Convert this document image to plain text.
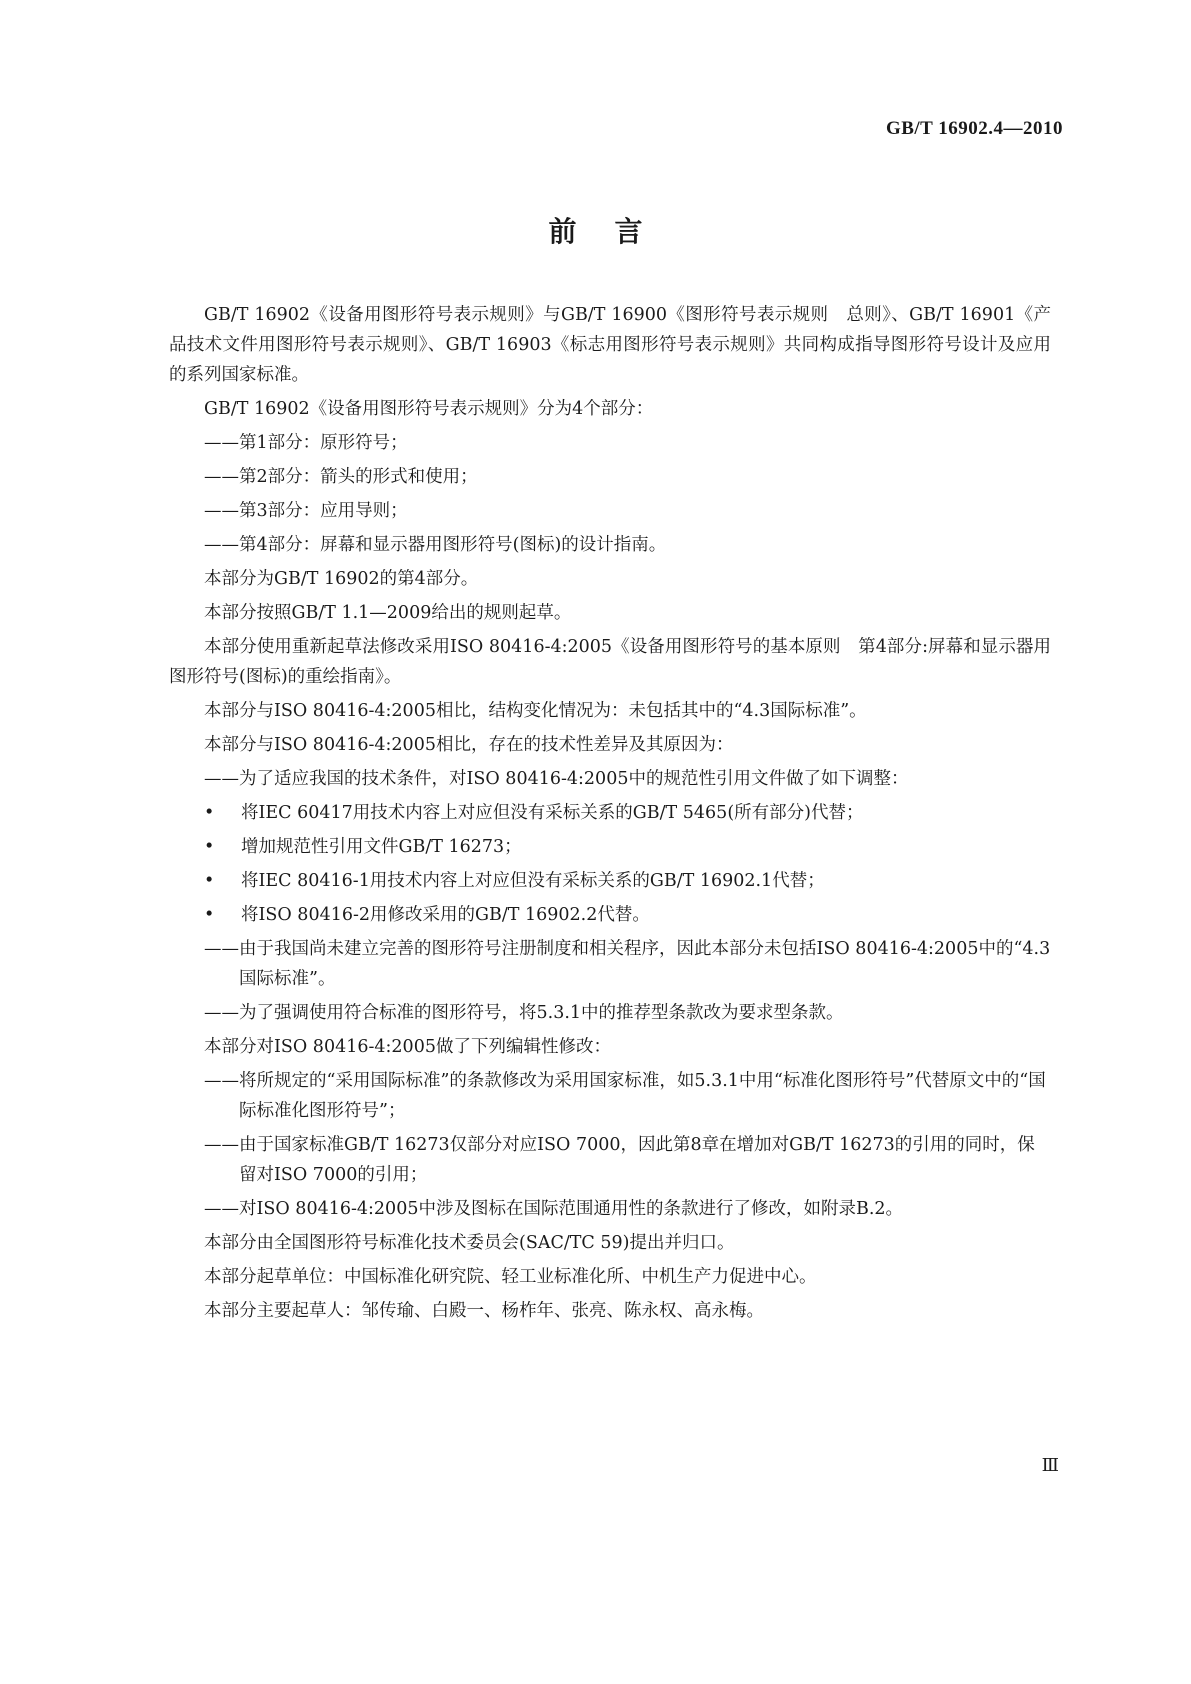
GB/T 16902.4—2010
前言

GB/T 16902《设备用图形符号表示规则》与GB/T 16900《图形符号表示规则　总则》、GB/T 16901《产品技术文件用图形符号表示规则》、GB/T 16903《标志用图形符号表示规则》共同构成指导图形符号设计及应用的系列国家标准。

GB/T 16902《设备用图形符号表示规则》分为4个部分：

——第1部分：原形符号；

——第2部分：箭头的形式和使用；

——第3部分：应用导则；

——第4部分：屏幕和显示器用图形符号(图标)的设计指南。

本部分为GB/T 16902的第4部分。

本部分按照GB/T 1.1—2009给出的规则起草。

本部分使用重新起草法修改采用ISO 80416-4:2005《设备用图形符号的基本原则　第4部分:屏幕和显示器用图形符号(图标)的重绘指南》。

本部分与ISO 80416-4:2005相比，结构变化情况为：未包括其中的“4.3国际标准”。

本部分与ISO 80416-4:2005相比，存在的技术性差异及其原因为：

——为了适应我国的技术条件，对ISO 80416-4:2005中的规范性引用文件做了如下调整：

• 将IEC 60417用技术内容上对应但没有采标关系的GB/T 5465(所有部分)代替；

• 增加规范性引用文件GB/T 16273；

• 将IEC 80416-1用技术内容上对应但没有采标关系的GB/T 16902.1代替；

• 将ISO 80416-2用修改采用的GB/T 16902.2代替。

——由于我国尚未建立完善的图形符号注册制度和相关程序，因此本部分未包括ISO 80416-4:2005中的“4.3国际标准”。

——为了强调使用符合标准的图形符号，将5.3.1中的推荐型条款改为要求型条款。

本部分对ISO 80416-4:2005做了下列编辑性修改：

——将所规定的“采用国际标准”的条款修改为采用国家标准，如5.3.1中用“标准化图形符号”代替原文中的“国际标准化图形符号”；

——由于国家标准GB/T 16273仅部分对应ISO 7000，因此第8章在增加对GB/T 16273的引用的同时，保留对ISO 7000的引用；

——对ISO 80416-4:2005中涉及图标在国际范围通用性的条款进行了修改，如附录B.2。

本部分由全国图形符号标准化技术委员会(SAC/TC 59)提出并归口。

本部分起草单位：中国标准化研究院、轻工业标准化所、中机生产力促进中心。

本部分主要起草人：邹传瑜、白殿一、杨柞年、张亮、陈永权、高永梅。

Ⅲ
